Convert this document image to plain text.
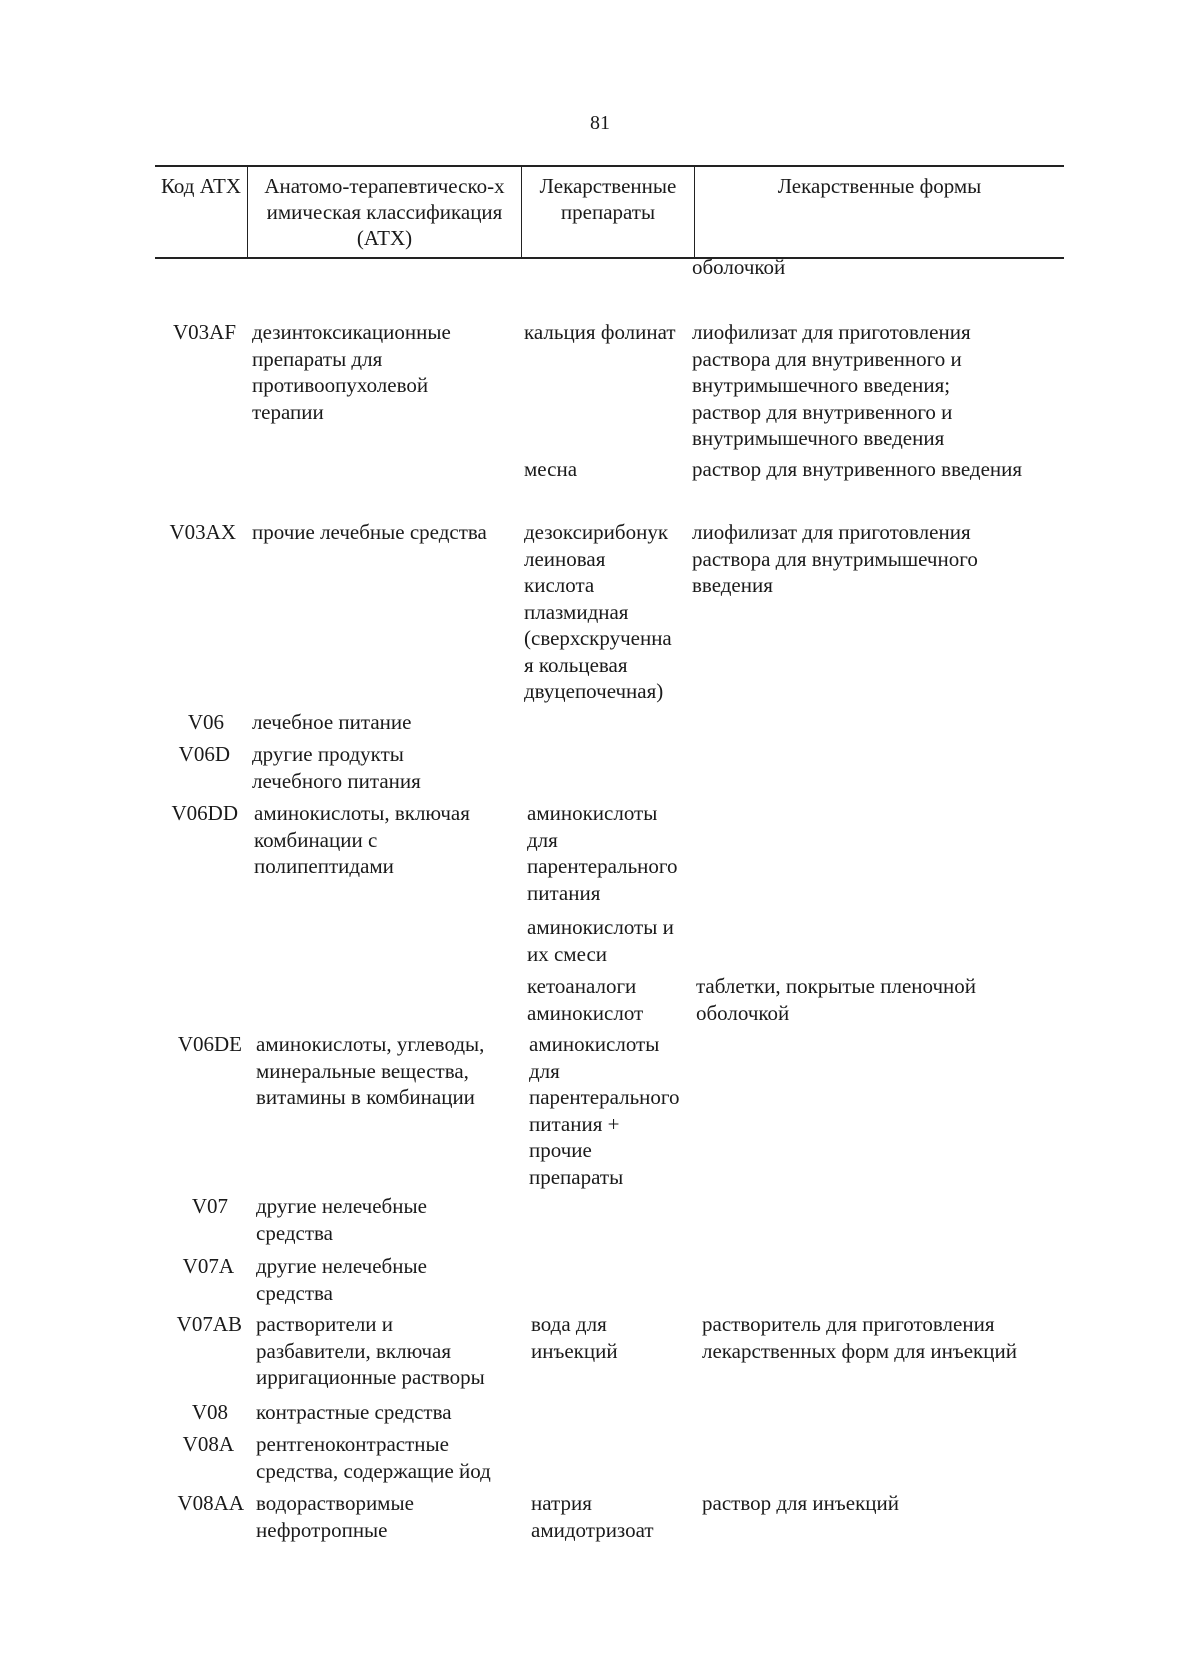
81
Код АТХ	Анатомо-терапевтическо-х
имическая классификация
(АТХ)
Лекарственные
препараты
Лекарственные формы
оболочкой
V03AF дезинтоксикационные
препараты для
противоопухолевой
терапии
кальция фолинат лиофилизат для приготовления
раствора для внутривенного и
внутримышечного введения;
раствор для внутривенного и
внутримышечного введения
месна	раствор для внутривенного введения
V03AX прочие лечебные средства дезоксирибонук
леиновая
кислота
плазмидная
(сверхскрученна
я кольцевая
двуцепочечная)
лиофилизат для приготовления
раствора для внутримышечного
введения
V06 лечебное питание
V06D другие продукты
лечебного питания
V06DD аминокислоты, включая
комбинации с
полипептидами
аминокислоты
для
парентерального
питания
аминокислоты и
их смеси
кетоаналоги
аминокислот
таблетки, покрытые пленочной
оболочкой
V06DE аминокислоты, углеводы,
минеральные вещества,
витамины в комбинации
аминокислоты
для
парентерального
питания +
прочие
препараты
V07 другие нелечебные
средства
V07A другие нелечебные
средства
V07AB растворители и
разбавители, включая
ирригационные растворы
вода для
инъекций
растворитель для приготовления
лекарственных форм для инъекций
V08 контрастные средства
V08A рентгеноконтрастные
средства, содержащие йод
V08AA водорастворимые
нефротропные
натрия
амидотризоат
раствор для инъекций
